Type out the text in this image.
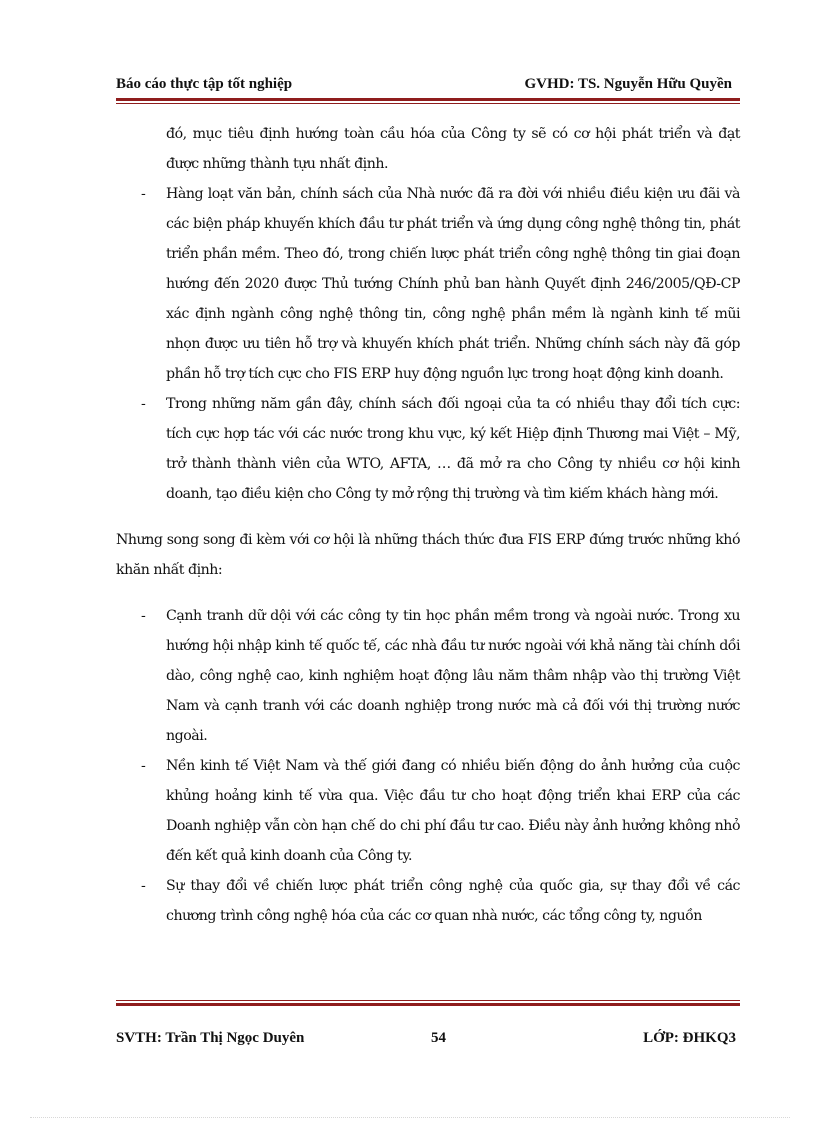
Báo cáo thực tập tốt nghiệp	GVHD: TS. Nguyễn Hữu Quyền
đó, mục tiêu định hướng toàn cầu hóa của Công ty sẽ có cơ hội phát triển và đạt được những thành tựu nhất định.
- Hàng loạt văn bản, chính sách của Nhà nước đã ra đời với nhiều điều kiện ưu đãi và các biện pháp khuyến khích đầu tư phát triển và ứng dụng công nghệ thông tin, phát triển phần mềm. Theo đó, trong chiến lược phát triển công nghệ thông tin giai đoạn hướng đến 2020 được Thủ tướng Chính phủ ban hành Quyết định 246/2005/QĐ-CP xác định ngành công nghệ thông tin, công nghệ phần mềm là ngành kinh tế mũi nhọn được ưu tiên hỗ trợ và khuyến khích phát triển. Những chính sách này đã góp phần hỗ trợ tích cực cho FIS ERP huy động nguồn lực trong hoạt động kinh doanh.
- Trong những năm gần đây, chính sách đối ngoại của ta có nhiều thay đổi tích cực: tích cực hợp tác với các nước trong khu vực, ký kết Hiệp định Thương mai Việt – Mỹ, trở thành thành viên của WTO, AFTA, … đã mở ra cho Công ty nhiều cơ hội kinh doanh, tạo điều kiện cho Công ty mở rộng thị trường và tìm kiếm khách hàng mới.
Nhưng song song đi kèm với cơ hội là những thách thức đưa FIS ERP đứng trước những khó khăn nhất định:
- Cạnh tranh dữ dội với các công ty tin học phần mềm trong và ngoài nước. Trong xu hướng hội nhập kinh tế quốc tế, các nhà đầu tư nước ngoài với khả năng tài chính dồi dào, công nghệ cao, kinh nghiệm hoạt động lâu năm thâm nhập vào thị trường Việt Nam và cạnh tranh với các doanh nghiệp trong nước mà cả đối với thị trường nước ngoài.
- Nền kinh tế Việt Nam và thế giới đang có nhiều biến động do ảnh hưởng của cuộc khủng hoảng kinh tế vừa qua. Việc đầu tư cho hoạt động triển khai ERP của các Doanh nghiệp vẫn còn hạn chế do chi phí đầu tư cao. Điều này ảnh hưởng không nhỏ đến kết quả kinh doanh của Công ty.
- Sự thay đổi về chiến lược phát triển công nghệ của quốc gia, sự thay đổi về các chương trình công nghệ hóa của các cơ quan nhà nước, các tổng công ty, nguồn
SVTH: Trần Thị Ngọc Duyên	54	LỚP: ĐHKQ3
